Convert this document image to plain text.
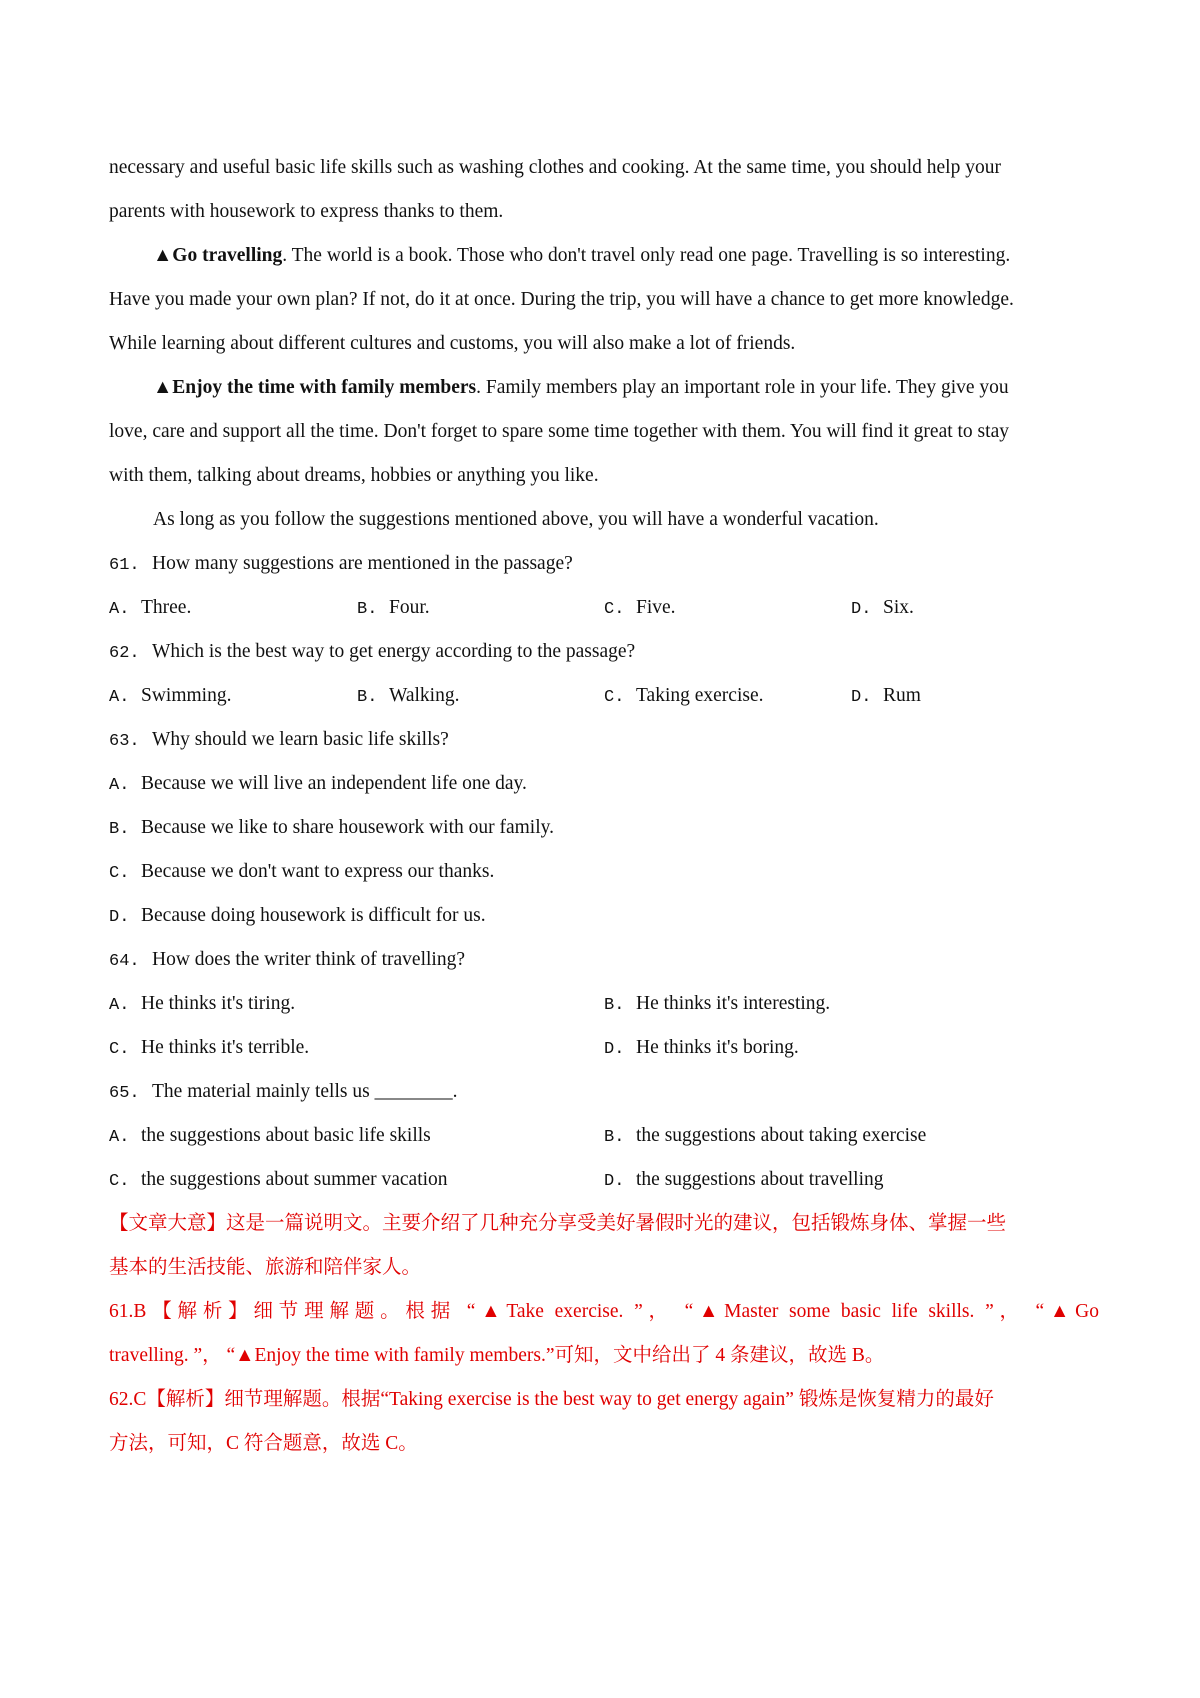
necessary and useful basic life skills such as washing clothes and cooking. At the same time, you should help your
parents with housework to express thanks to them.
▲Go travelling. The world is a book. Those who don't travel only read one page. Travelling is so interesting.
Have you made your own plan? If not, do it at once. During the trip, you will have a chance to get more knowledge.
While learning about different cultures and customs, you will also make a lot of friends.
▲Enjoy the time with family members. Family members play an important role in your life. They give you
love, care and support all the time. Don't forget to spare some time together with them. You will find it great to stay
with them, talking about dreams, hobbies or anything you like.
As long as you follow the suggestions mentioned above, you will have a wonderful vacation.
61. How many suggestions are mentioned in the passage?
A. Three.	B. Four.	C. Five.	D. Six.
62. Which is the best way to get energy according to the passage?
A. Swimming.	B. Walking.	C. Taking exercise.	D. Rum
63. Why should we learn basic life skills?
A. Because we will live an independent life one day.
B. Because we like to share housework with our family.
C. Because we don't want to express our thanks.
D. Because doing housework is difficult for us.
64. How does the writer think of travelling?
A. He thinks it's tiring.	B. He thinks it's interesting.
C. He thinks it's terrible.	D. He thinks it's boring.
65. The material mainly tells us ________.
A. the suggestions about basic life skills	B. the suggestions about taking exercise
C. the suggestions about summer vacation	D. the suggestions about travelling
【文章大意】这是一篇说明文。主要介绍了几种充分享受美好暑假时光的建议，包括锻炼身体、掌握一些
基本的生活技能、旅游和陪伴家人。
61.B【解析】细节理解题。根据 “▲Take exercise. ”， “▲Master some basic life skills. ”， “▲Go
travelling. ”， “▲Enjoy the time with family members.”可知，文中给出了 4 条建议，故选 B。
62.C【解析】细节理解题。根据“Taking exercise is the best way to get energy again” 锻炼是恢复精力的最好
方法，可知，C 符合题意，故选 C。
